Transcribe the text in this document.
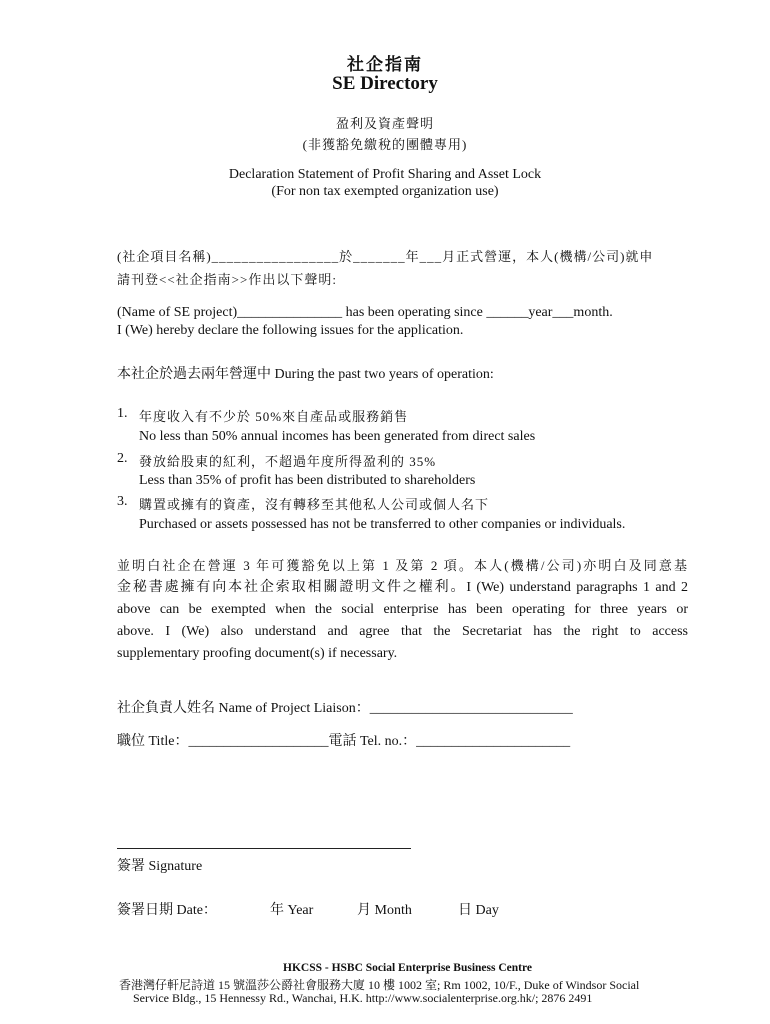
社企指南
SE Directory
盈利及資產聲明
(非獲豁免繳稅的團體專用)
Declaration Statement of Profit Sharing and Asset Lock
(For non tax exempted organization use)
(社企項目名稱)_________________於_______年___月正式營運，本人(機構/公司)就申
請刊登<<社企指南>>作出以下聲明:
(Name of SE project)_______________ has been operating since ______year___month.
I (We) hereby declare the following issues for the application.
本社企於過去兩年營運中 During the past two years of operation:
1. 年度收入有不少於 50%來自產品或服務銷售
No less than 50% annual incomes has been generated from direct sales
2. 發放給股東的紅利，不超過年度所得盈利的 35%
Less than 35% of profit has been distributed to shareholders
3. 購置或擁有的資產，沒有轉移至其他私人公司或個人名下
Purchased or assets possessed has not be transferred to other companies or individuals.
並明白社企在營運 3 年可獲豁免以上第 1 及第 2 項。本人(機構/公司)亦明白及同意基
金秘書處擁有向本社企索取相關證明文件之權利。I (We) understand paragraphs 1 and 2
above can be exempted when the social enterprise has been operating for three years or
above. I (We) also understand and agree that the Secretariat has the right to access
supplementary proofing document(s) if necessary.
社企負責人姓名 Name of Project Liaison：_____________________________
職位 Title：____________________電話 Tel. no.：______________________
簽署 Signature
簽署日期 Date：	年 Year	月 Month	日 Day
HKCSS - HSBC Social Enterprise Business Centre
香港灣仔軒尼詩道 15 號溫莎公爵社會服務大廈 10 樓 1002 室; Rm 1002, 10/F., Duke of Windsor Social
Service Bldg., 15 Hennessy Rd., Wanchai, H.K. http://www.socialenterprise.org.hk/; 2876 2491
